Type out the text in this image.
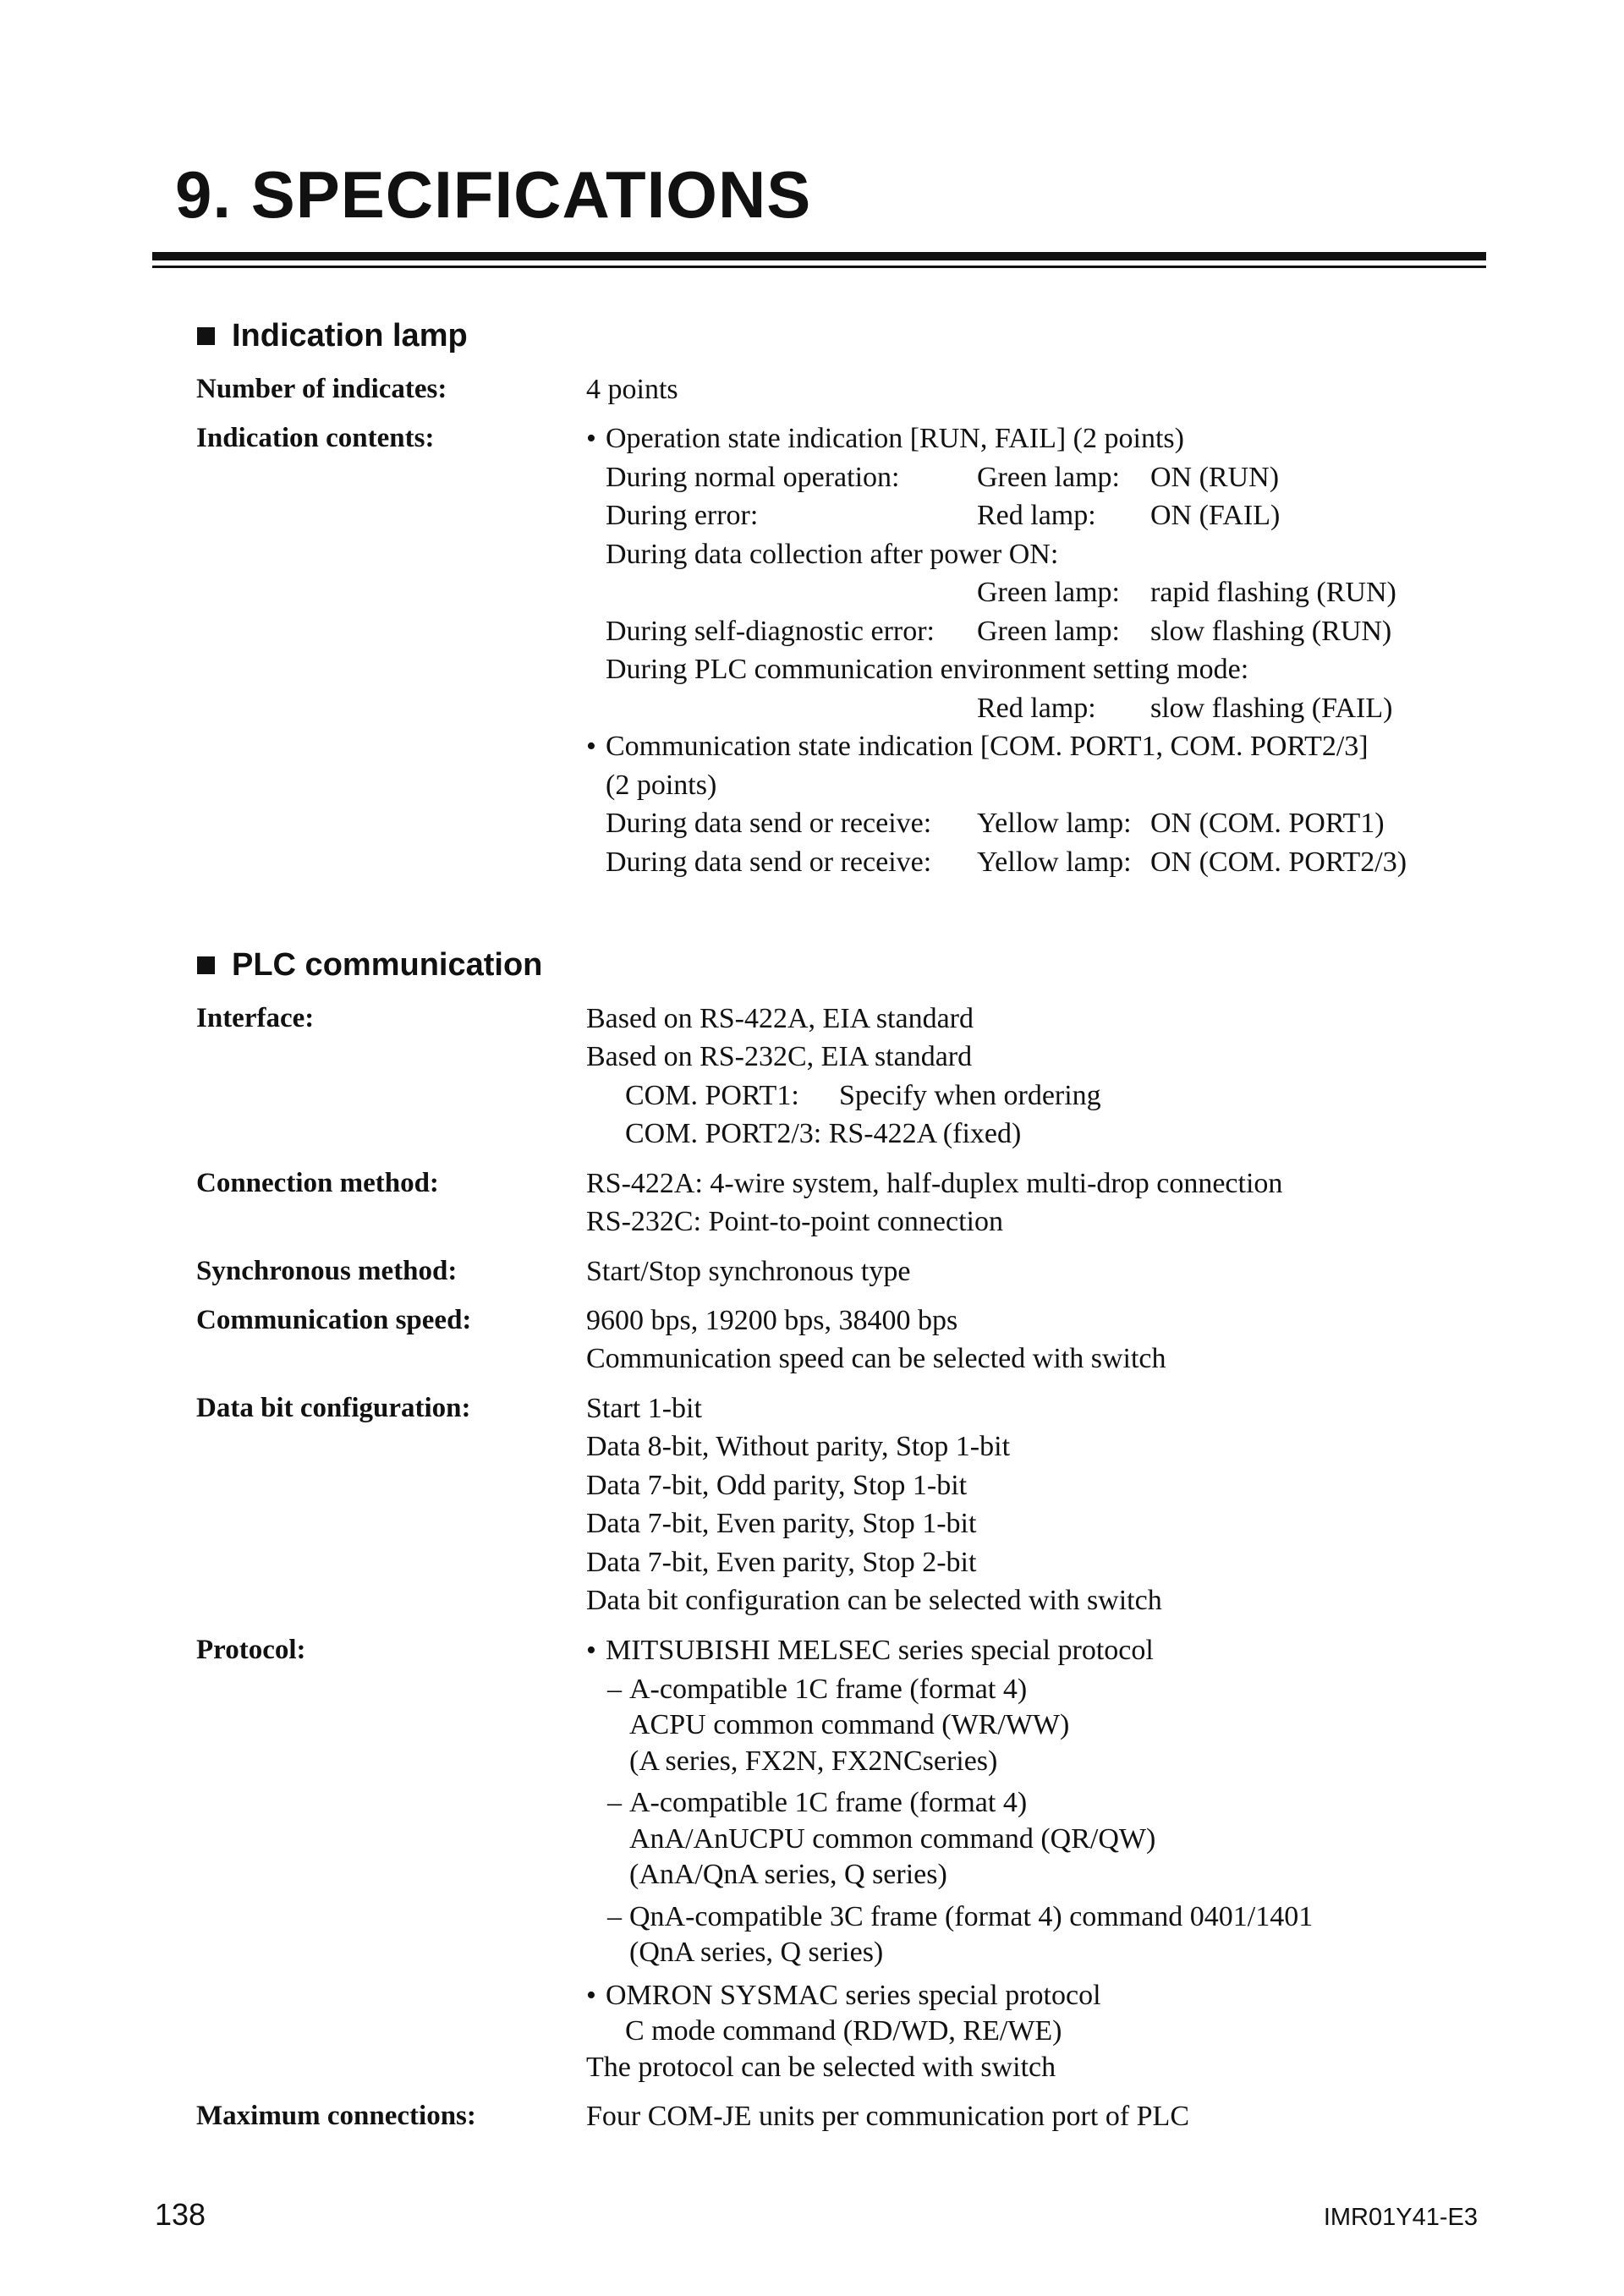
9. SPECIFICATIONS
Indication lamp
Number of indicates:	4 points
Indication contents:	• Operation state indication [RUN, FAIL] (2 points)
During normal operation:	Green lamp: ON (RUN)
During error:	Red lamp: ON (FAIL)
During data collection after power ON:
Green lamp: rapid flashing (RUN)
During self-diagnostic error: Green lamp: slow flashing (RUN)
During PLC communication environment setting mode:
Red lamp: slow flashing (FAIL)
• Communication state indication [COM. PORT1, COM. PORT2/3]
(2 points)
During data send or receive: Yellow lamp: ON (COM. PORT1)
During data send or receive: Yellow lamp: ON (COM. PORT2/3)
PLC communication
Interface:	Based on RS-422A, EIA standard
Based on RS-232C, EIA standard
COM. PORT1: Specify when ordering
COM. PORT2/3: RS-422A (fixed)
Connection method:	RS-422A: 4-wire system, half-duplex multi-drop connection
RS-232C: Point-to-point connection
Synchronous method:	Start/Stop synchronous type
Communication speed:	9600 bps, 19200 bps, 38400 bps
Communication speed can be selected with switch
Data bit configuration:	Start 1-bit
Data 8-bit, Without parity, Stop 1-bit
Data 7-bit, Odd parity, Stop 1-bit
Data 7-bit, Even parity, Stop 1-bit
Data 7-bit, Even parity, Stop 2-bit
Data bit configuration can be selected with switch
Protocol:	• MITSUBISHI MELSEC series special protocol
– A-compatible 1C frame (format 4)
ACPU common command (WR/WW)
(A series, FX2N, FX2NCseries)
– A-compatible 1C frame (format 4)
AnA/AnUCPU common command (QR/QW)
(AnA/QnA series, Q series)
– QnA-compatible 3C frame (format 4) command 0401/1401
(QnA series, Q series)
• OMRON SYSMAC series special protocol
C mode command (RD/WD, RE/WE)
The protocol can be selected with switch
Maximum connections:	Four COM-JE units per communication port of PLC
138	IMR01Y41-E3
